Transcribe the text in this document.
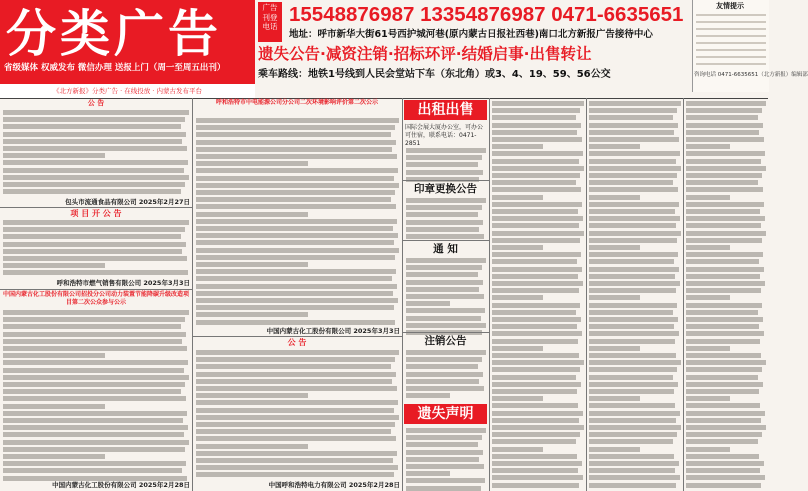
分类广告
省级媒体 权威发布 微信办理 送报上门（周一至周五出刊）
广告 刊登 电话
15548876987 13354876987 0471-6635651
地址：呼市新华大街61号西护城河巷(原内蒙古日报社西巷)南口北方新报广告接待中心
遗失公告·减资注销·招标环评·结婚启事·出售转让
乘车路线：地铁1号线到人民会堂站下车（东北角）或3、4、19、59、56公交
《北方新报》分类广告 · 在线投放 · 内蒙古发布平台
友情提示
咨询电话 0471-6635651（北方新报）编辑部
公 告
包头市流通食品有限公司 2025年2月27日
项 目 开 公 告
呼和浩特市燃气销售有限公司 2025年3月3日
中国内蒙古化工股份有限公司招投分公司动力装置节能降碳升级改造项目第二次公众参与公示
中国内蒙古化工股份有限公司 2025年2月28日
呼和浩特市中电能源公司分公司二次环境影响评价第二次公示
中国内蒙古化工股份有限公司 2025年3月3日
公 告
中国呼和浩特电力有限公司 2025年2月28日
出租出售
国际会展大厦办公室，可办公可住宿，联系电话：0471-2851
印章更换公告
通 知
注销公告
遗失声明
